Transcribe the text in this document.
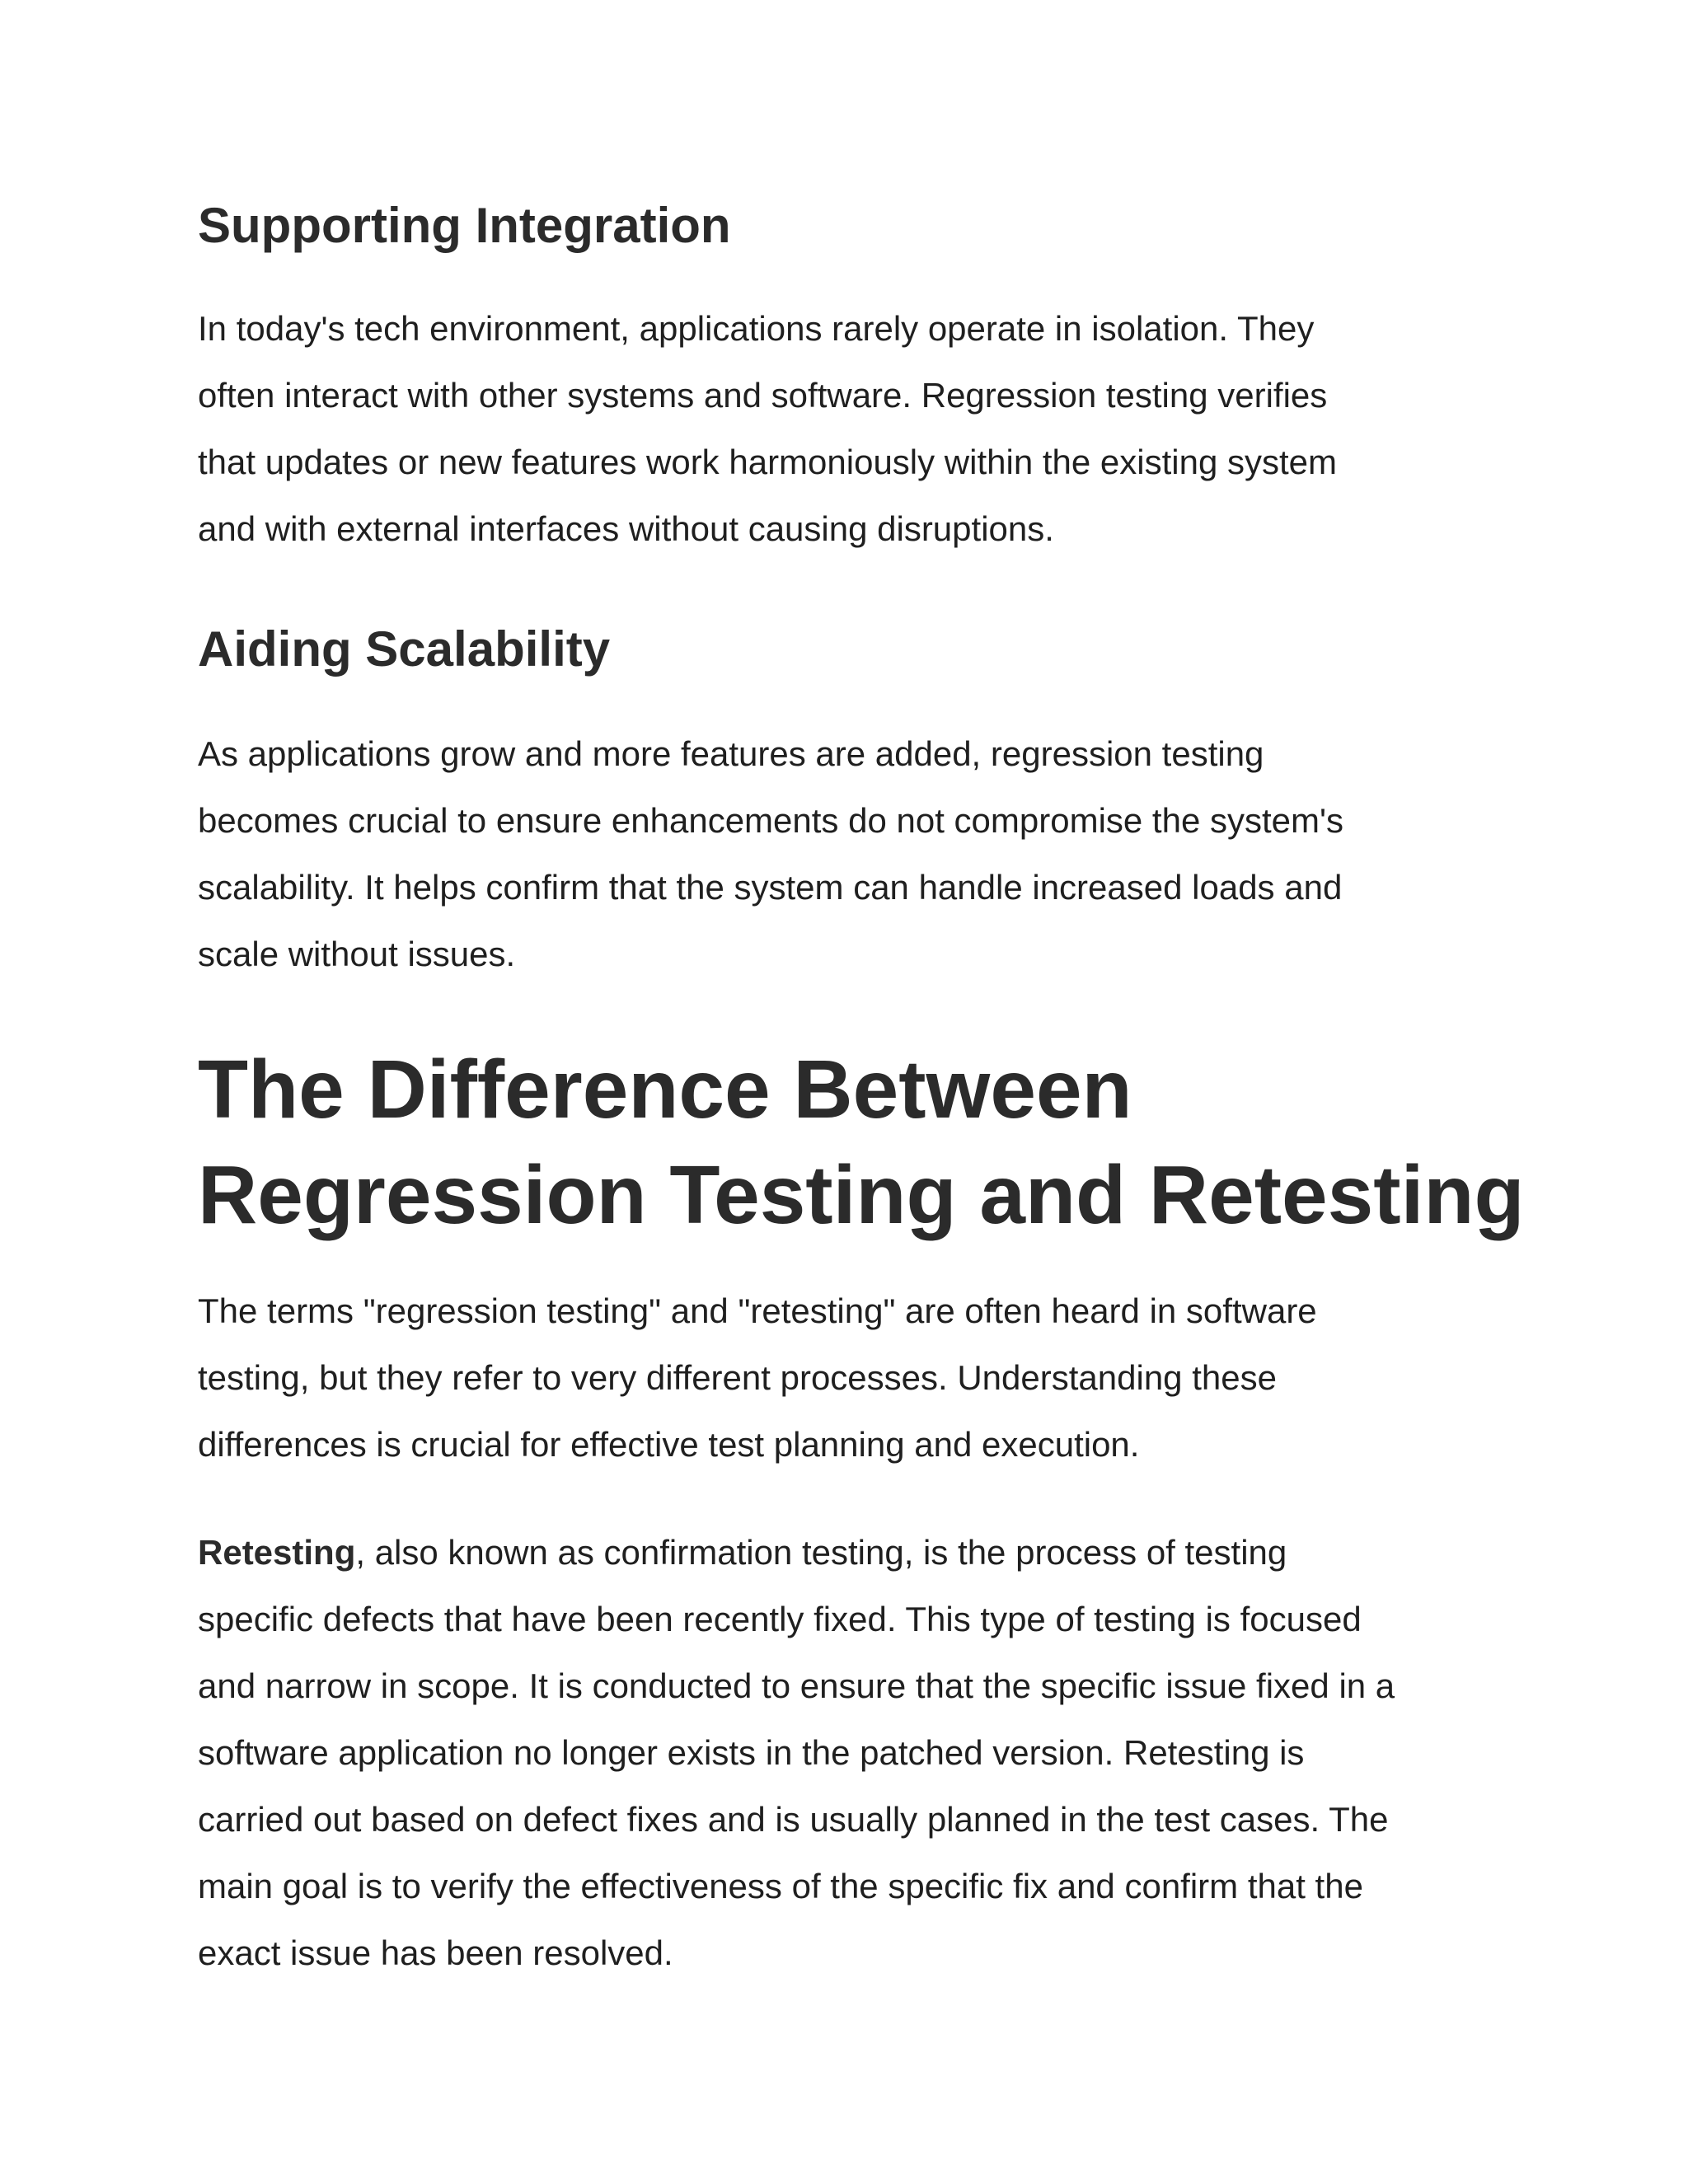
Supporting Integration
In today's tech environment, applications rarely operate in isolation. They
often interact with other systems and software. Regression testing verifies
that updates or new features work harmoniously within the existing system
and with external interfaces without causing disruptions.
Aiding Scalability
As applications grow and more features are added, regression testing
becomes crucial to ensure enhancements do not compromise the system's
scalability. It helps confirm that the system can handle increased loads and
scale without issues.
The Difference Between
Regression Testing and Retesting
The terms "regression testing" and "retesting" are often heard in software
testing, but they refer to very different processes. Understanding these
differences is crucial for effective test planning and execution.
Retesting, also known as confirmation testing, is the process of testing
specific defects that have been recently fixed. This type of testing is focused
and narrow in scope. It is conducted to ensure that the specific issue fixed in a
software application no longer exists in the patched version. Retesting is
carried out based on defect fixes and is usually planned in the test cases. The
main goal is to verify the effectiveness of the specific fix and confirm that the
exact issue has been resolved.
